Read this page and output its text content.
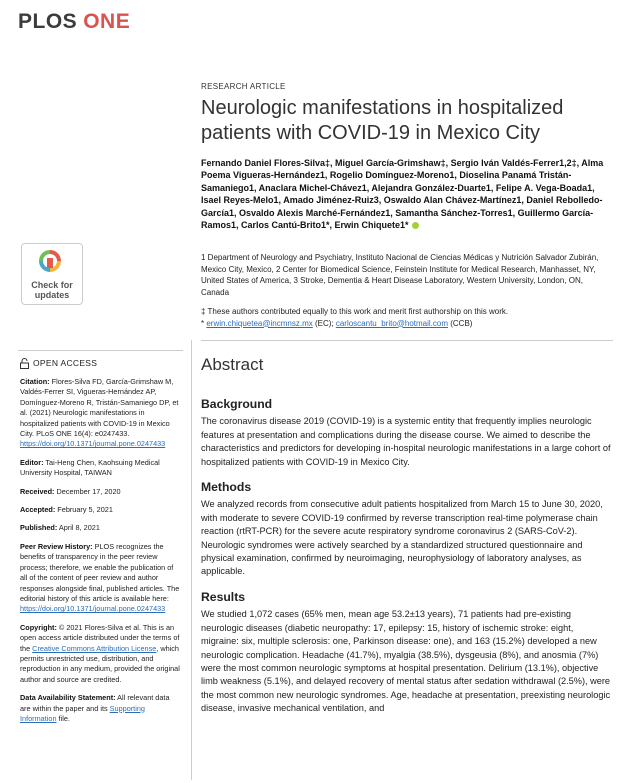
PLOS ONE
RESEARCH ARTICLE
Neurologic manifestations in hospitalized patients with COVID-19 in Mexico City
Fernando Daniel Flores-Silva‡, Miguel García-Grimshaw‡, Sergio Iván Valdés-Ferrer1,2‡, Alma Poema Vigueras-Hernández1, Rogelio Domínguez-Moreno1, Dioselina Panamá Tristán-Samaniego1, Anaclara Michel-Chávez1, Alejandra González-Duarte1, Felipe A. Vega-Boada1, Isael Reyes-Melo1, Amado Jiménez-Ruiz3, Oswaldo Alan Chávez-Martínez1, Daniel Rebolledo-García1, Osvaldo Alexis Marché-Fernández1, Samantha Sánchez-Torres1, Guillermo García-Ramos1, Carlos Cantú-Brito1*, Erwin Chiquete1*
1 Department of Neurology and Psychiatry, Instituto Nacional de Ciencias Médicas y Nutrición Salvador Zubirán, Mexico City, Mexico, 2 Center for Biomedical Science, Feinstein Institute for Medical Research, Manhasset, NY, United States of America, 3 Stroke, Dementia & Heart Disease Laboratory, Western University, London, ON, Canada
‡ These authors contributed equally to this work and merit first authorship on this work.
* erwin.chiqueteа@incmnsz.mx (EC); carloscantu_brito@hotmail.com (CCB)
Check for
updates
OPEN ACCESS

Citation: Flores-Silva FD, García-Grimshaw M, Valdés-Ferrer SI, Vigueras-Hernández AP, Domínguez-Moreno R, Tristán-Samaniego DP, et al. (2021) Neurologic manifestations in hospitalized patients with COVID-19 in Mexico City. PLoS ONE 16(4): e0247433. https://doi.org/10.1371/journal.pone.0247433

Editor: Tai-Heng Chen, Kaohsuing Medical University Hospital, TAIWAN

Received: December 17, 2020

Accepted: February 5, 2021

Published: April 8, 2021

Peer Review History: PLOS recognizes the benefits of transparency in the peer review process; therefore, we enable the publication of all of the content of peer review and author responses alongside final, published articles. The editorial history of this article is available here: https://doi.org/10.1371/journal.pone.0247433

Copyright: © 2021 Flores-Silva et al. This is an open access article distributed under the terms of the Creative Commons Attribution License, which permits unrestricted use, distribution, and reproduction in any medium, provided the original author and source are credited.

Data Availability Statement: All relevant data are within the paper and its Supporting Information file.

Abstract
Background

The coronavirus disease 2019 (COVID-19) is a systemic entity that frequently implies neurologic features at presentation and complications during the disease course. We aimed to describe the characteristics and predictors for developing in-hospital neurologic manifestations in a large cohort of hospitalized patients with COVID-19 in Mexico City.

Methods

We analyzed records from consecutive adult patients hospitalized from March 15 to June 30, 2020, with moderate to severe COVID-19 confirmed by reverse transcription real-time polymerase chain reaction (rtRT-PCR) for the severe acute respiratory syndrome coronavirus 2 (SARS-CoV-2). Neurologic syndromes were actively searched by a standardized structured questionnaire and physical examination, confirmed by neuroimaging, neurophysiology of laboratory analyses, as applicable.

Results

We studied 1,072 cases (65% men, mean age 53.2±13 years), 71 patients had pre-existing neurologic diseases (diabetic neuropathy: 17, epilepsy: 15, history of ischemic stroke: eight, migraine: six, multiple sclerosis: one, Parkinson disease: one), and 163 (15.2%) developed a new neurologic complication. Headache (41.7%), myalgia (38.5%), dysgeusia (8%), and anosmia (7%) were the most common neurologic symptoms at hospital presentation. Delirium (13.1%), objective limb weakness (5.1%), and delayed recovery of mental status after sedation withdrawal (2.5%), were the most common new neurologic syndromes. Age, headache at presentation, preexisting neurologic disease, invasive mechanical ventilation, and
